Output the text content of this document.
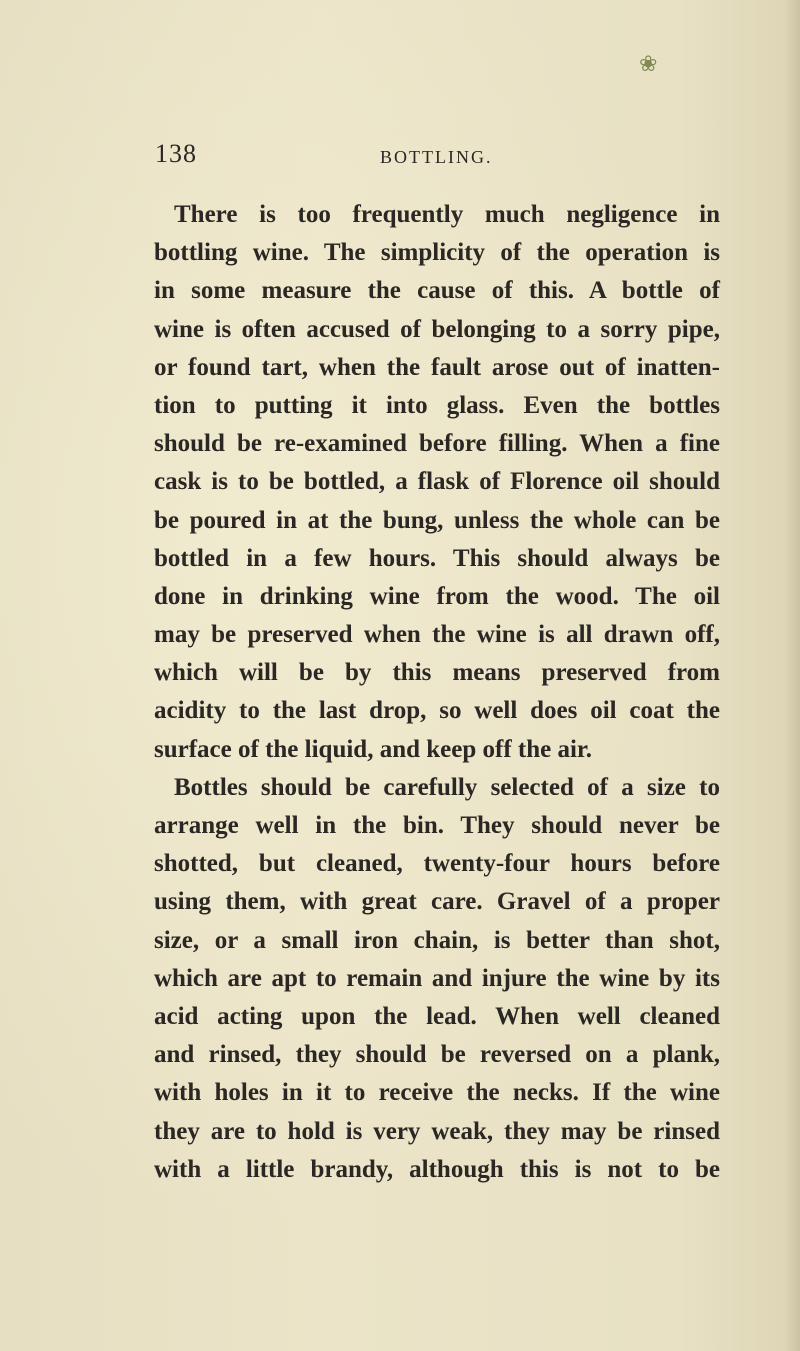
❀
138	BOTTLING.
There is too frequently much negligence in
bottling wine. The simplicity of the operation is
in some measure the cause of this. A bottle of
wine is often accused of belonging to a sorry pipe,
or found tart, when the fault arose out of inatten-
tion to putting it into glass. Even the bottles
should be re-examined before filling. When a fine
cask is to be bottled, a flask of Florence oil should
be poured in at the bung, unless the whole can be
bottled in a few hours. This should always be
done in drinking wine from the wood. The oil
may be preserved when the wine is all drawn off,
which will be by this means preserved from
acidity to the last drop, so well does oil coat the
surface of the liquid, and keep off the air.
Bottles should be carefully selected of a size to
arrange well in the bin. They should never be
shotted, but cleaned, twenty-four hours before
using them, with great care. Gravel of a proper
size, or a small iron chain, is better than shot,
which are apt to remain and injure the wine by its
acid acting upon the lead. When well cleaned
and rinsed, they should be reversed on a plank,
with holes in it to receive the necks. If the wine
they are to hold is very weak, they may be rinsed
with a little brandy, although this is not to be
